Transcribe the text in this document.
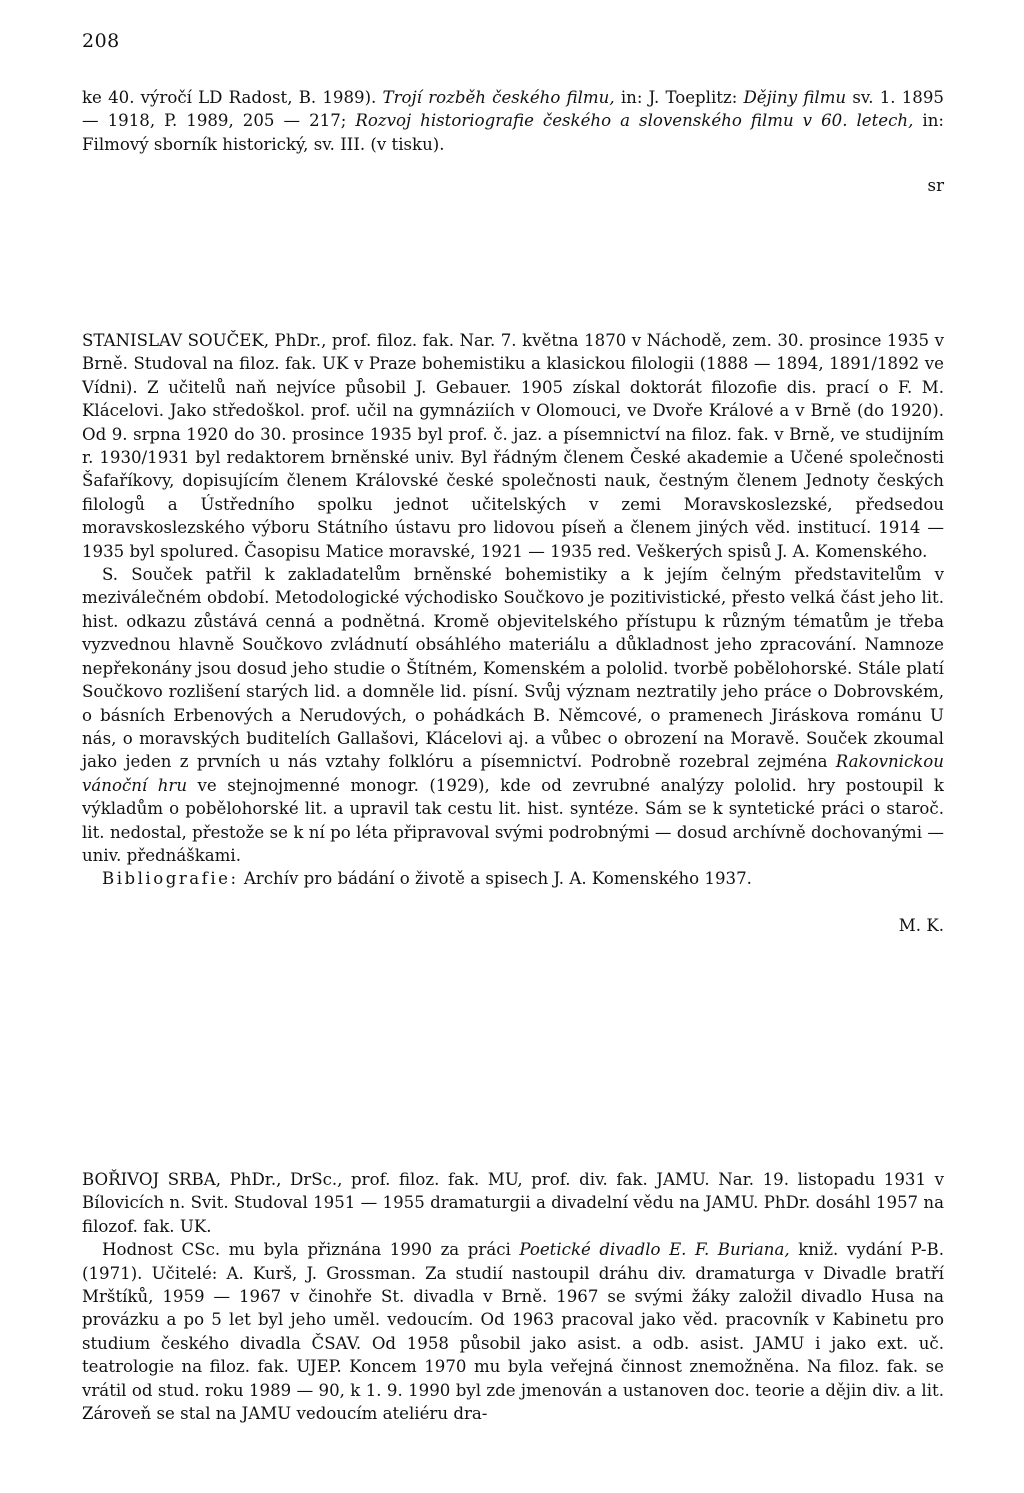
208

ke 40. výročí LD Radost, B. 1989). Trojí rozběh českého filmu, in: J. Toeplitz: Dějiny filmu sv. 1. 1895 — 1918, P. 1989, 205 — 217; Rozvoj historiografie českého a slovenského filmu v 60. letech, in: Filmový sborník historický, sv. III. (v tisku).

sr

STANISLAV SOUČEK, PhDr., prof. filoz. fak. Nar. 7. května 1870 v Náchodě, zem. 30. prosince 1935 v Brně. Studoval na filoz. fak. UK v Praze bohemistiku a klasickou filologii (1888 — 1894, 1891/1892 ve Vídni). Z učitelů naň nejvíce působil J. Gebauer. 1905 získal doktorát filozofie dis. prací o F. M. Klácelovi. Jako středoškol. prof. učil na gymnáziích v Olomouci, ve Dvoře Králové a v Brně (do 1920). Od 9. srpna 1920 do 30. prosince 1935 byl prof. č. jaz. a písemnictví na filoz. fak. v Brně, ve studijním r. 1930/1931 byl redaktorem brněnské univ. Byl řádným členem České akademie a Učené společnosti Šafaříkovy, dopisujícím členem Královské české společnosti nauk, čestným členem Jednoty českých filologů a Ústředního spolku jednot učitelských v zemi Moravskoslezské, předsedou moravskoslezského výboru Státního ústavu pro lidovou píseň a členem jiných věd. institucí. 1914 — 1935 byl spolured. Časopisu Matice moravské, 1921 — 1935 red. Veškerých spisů J. A. Komenského.

S. Souček patřil k zakladatelům brněnské bohemistiky a k jejím čelným představitelům v meziválečném období. Metodologické východisko Součkovo je pozitivistické, přesto velká část jeho lit. hist. odkazu zůstává cenná a podnětná. Kromě objevitelského přístupu k různým tématům je třeba vyzvednou hlavně Součkovo zvládnutí obsáhlého materiálu a důkladnost jeho zpracování. Namnoze nepřekonány jsou dosud jeho studie o Štítném, Komenském a pololid. tvorbě pobělohorské. Stále platí Součkovo rozlišení starých lid. a domněle lid. písní. Svůj význam neztratily jeho práce o Dobrovském, o básních Erbenových a Nerudových, o pohádkách B. Němcové, o pramenech Jiráskova románu U nás, o moravských buditelích Gallašovi, Klácelovi aj. a vůbec o obrození na Moravě. Souček zkoumal jako jeden z prvních u nás vztahy folklóru a písemnictví. Podrobně rozebral zejména Rakovnickou vánoční hru ve stejnojmenné monogr. (1929), kde od zevrubné analýzy pololid. hry postoupil k výkladům o pobělohorské lit. a upravil tak cestu lit. hist. syntéze. Sám se k syntetické práci o staroč. lit. nedostal, přestože se k ní po léta připravoval svými podrobnými — dosud archívně dochovanými — univ. přednáškami.

Bibliografie: Archív pro bádání o životě a spisech J. A. Komenského 1937.

M. K.

BOŘIVOJ SRBA, PhDr., DrSc., prof. filoz. fak. MU, prof. div. fak. JAMU. Nar. 19. listopadu 1931 v Bílovicích n. Svit. Studoval 1951 — 1955 dramaturgii a divadelní vědu na JAMU. PhDr. dosáhl 1957 na filozof. fak. UK.

Hodnost CSc. mu byla přiznána 1990 za práci Poetické divadlo E. F. Buriana, kniž. vydání P-B. (1971). Učitelé: A. Kurš, J. Grossman. Za studií nastoupil dráhu div. dramaturga v Divadle bratří Mrštíků, 1959 — 1967 v činohře St. divadla v Brně. 1967 se svými žáky založil divadlo Husa na provázku a po 5 let byl jeho uměl. vedoucím. Od 1963 pracoval jako věd. pracovník v Kabinetu pro studium českého divadla ČSAV. Od 1958 působil jako asist. a odb. asist. JAMU i jako ext. uč. teatrologie na filoz. fak. UJEP. Koncem 1970 mu byla veřejná činnost znemožněna. Na filoz. fak. se vrátil od stud. roku 1989 — 90, k 1. 9. 1990 byl zde jmenován a ustanoven doc. teorie a dějin div. a lit. Zároveň se stal na JAMU vedoucím ateliéru dra-
